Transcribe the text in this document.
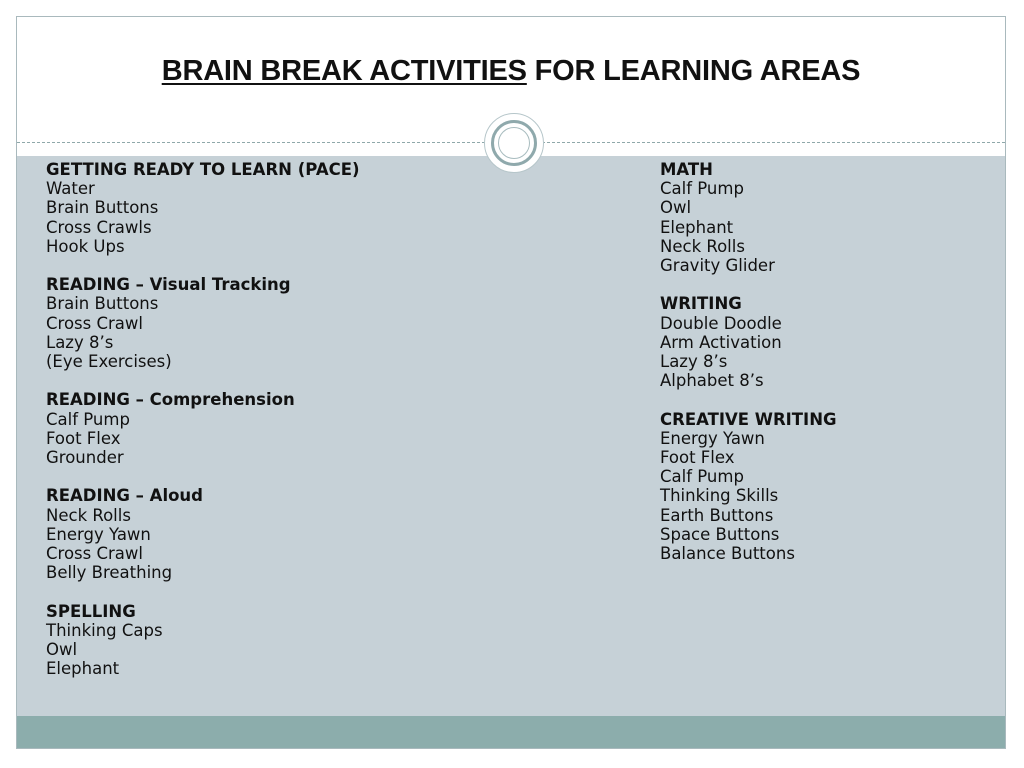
BRAIN BREAK ACTIVITIES FOR LEARNING AREAS
GETTING READY TO LEARN (PACE)
Water
Brain Buttons
Cross Crawls
Hook Ups
READING – Visual Tracking
Brain Buttons
Cross Crawl
Lazy 8’s
(Eye Exercises)
READING – Comprehension
Calf Pump
Foot Flex
Grounder
READING – Aloud
Neck Rolls
Energy Yawn
Cross Crawl
Belly Breathing
SPELLING
Thinking Caps
Owl
Elephant
MATH
Calf Pump
Owl
Elephant
Neck Rolls
Gravity Glider
WRITING
Double Doodle
Arm Activation
Lazy 8’s
Alphabet 8’s
CREATIVE WRITING
Energy Yawn
Foot Flex
Calf Pump
Thinking Skills
Earth Buttons
Space Buttons
Balance Buttons
